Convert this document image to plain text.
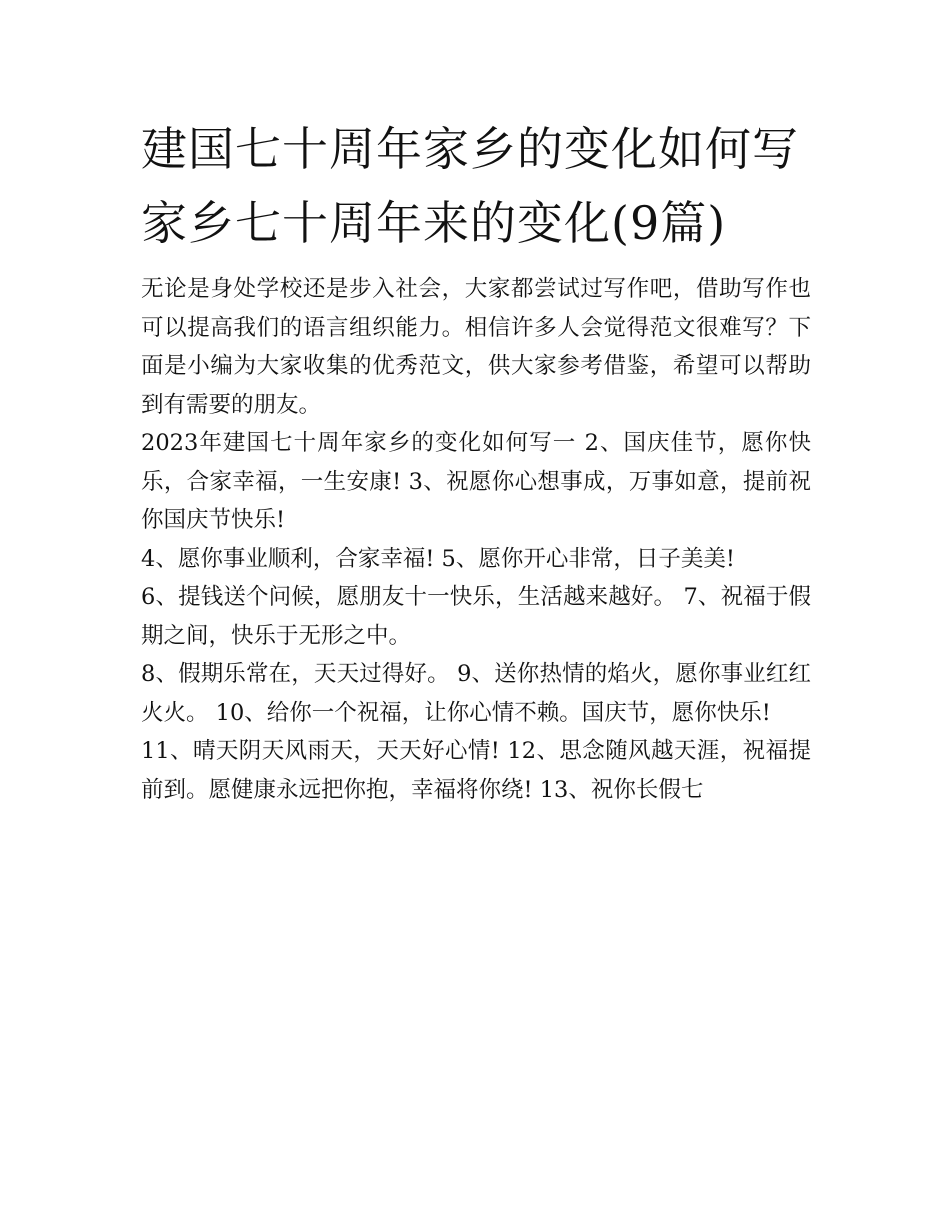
建国七十周年家乡的变化如何写 家乡七十周年来的变化(9篇)

无论是身处学校还是步入社会，大家都尝试过写作吧，借助写作也可以提高我们的语言组织能力。相信许多人会觉得范文很难写？下面是小编为大家收集的优秀范文，供大家参考借鉴，希望可以帮助到有需要的朋友。

2023年建国七十周年家乡的变化如何写一 2、国庆佳节，愿你快乐，合家幸福，一生安康! 3、祝愿你心想事成，万事如意，提前祝你国庆节快乐!

4、愿你事业顺利，合家幸福! 5、愿你开心非常，日子美美!

6、提钱送个问候，愿朋友十一快乐，生活越来越好。 7、祝福于假期之间，快乐于无形之中。

8、假期乐常在，天天过得好。 9、送你热情的焰火，愿你事业红红火火。 10、给你一个祝福，让你心情不赖。国庆节，愿你快乐!

11、晴天阴天风雨天，天天好心情! 12、思念随风越天涯，祝福提前到。愿健康永远把你抱，幸福将你绕! 13、祝你长假七
